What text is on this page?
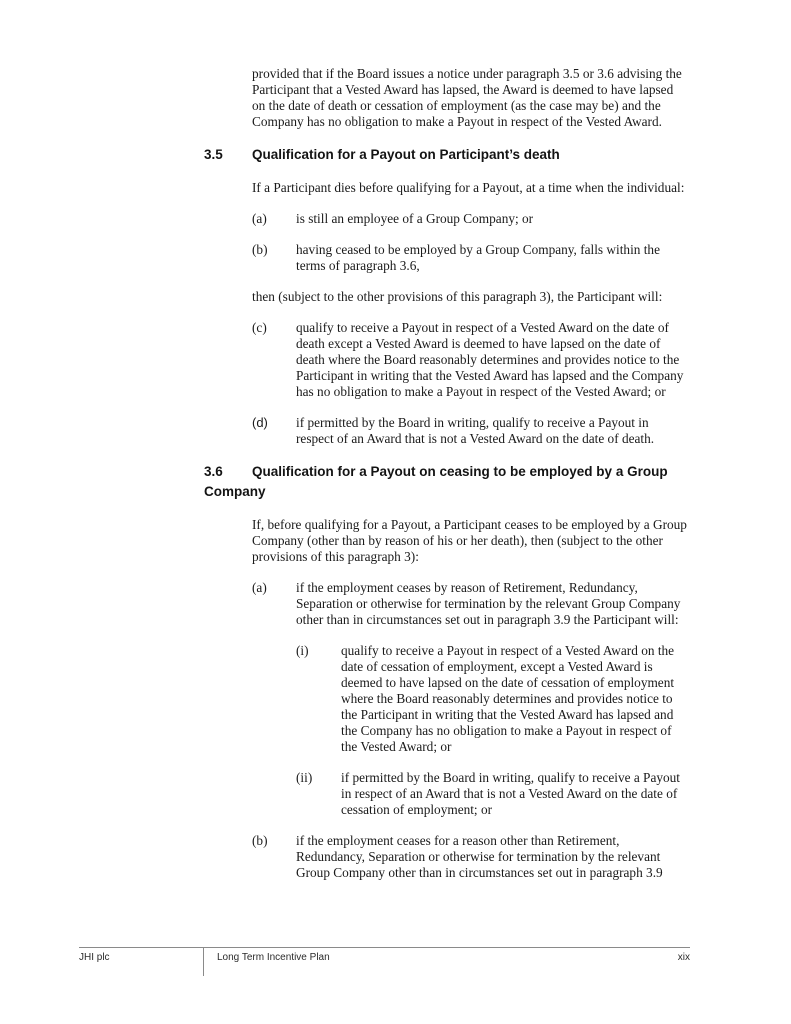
provided that if the Board issues a notice under paragraph 3.5 or 3.6 advising the Participant that a Vested Award has lapsed, the Award is deemed to have lapsed on the date of death or cessation of employment (as the case may be) and the Company has no obligation to make a Payout in respect of the Vested Award.

3.5 Qualification for a Payout on Participant’s death

If a Participant dies before qualifying for a Payout, at a time when the individual:

(a)	is still an employee of a Group Company; or
(b)	having ceased to be employed by a Group Company, falls within the terms of paragraph 3.6,

then (subject to the other provisions of this paragraph 3), the Participant will:

(c)	qualify to receive a Payout in respect of a Vested Award on the date of death except a Vested Award is deemed to have lapsed on the date of death where the Board reasonably determines and provides notice to the Participant in writing that the Vested Award has lapsed and the Company has no obligation to make a Payout in respect of the Vested Award; or
(d)	if permitted by the Board in writing, qualify to receive a Payout in respect of an Award that is not a Vested Award on the date of death.
3.6 Qualification for a Payout on ceasing to be employed by a Group Company

If, before qualifying for a Payout, a Participant ceases to be employed by a Group Company (other than by reason of his or her death), then (subject to the other provisions of this paragraph 3):

(a)	if the employment ceases by reason of Retirement, Redundancy, Separation or otherwise for termination by the relevant Group Company other than in circumstances set out in paragraph 3.9 the Participant will:
(i)	qualify to receive a Payout in respect of a Vested Award on the date of cessation of employment, except a Vested Award is deemed to have lapsed on the date of cessation of employment where the Board reasonably determines and provides notice to the Participant in writing that the Vested Award has lapsed and the Company has no obligation to make a Payout in respect of the Vested Award; or
(ii)	if permitted by the Board in writing, qualify to receive a Payout in respect of an Award that is not a Vested Award on the date of cessation of employment; or
(b)	if the employment ceases for a reason other than Retirement, Redundancy, Separation or otherwise for termination by the relevant Group Company other than in circumstances set out in paragraph 3.9
JHI plc	Long Term Incentive Plan	xix
